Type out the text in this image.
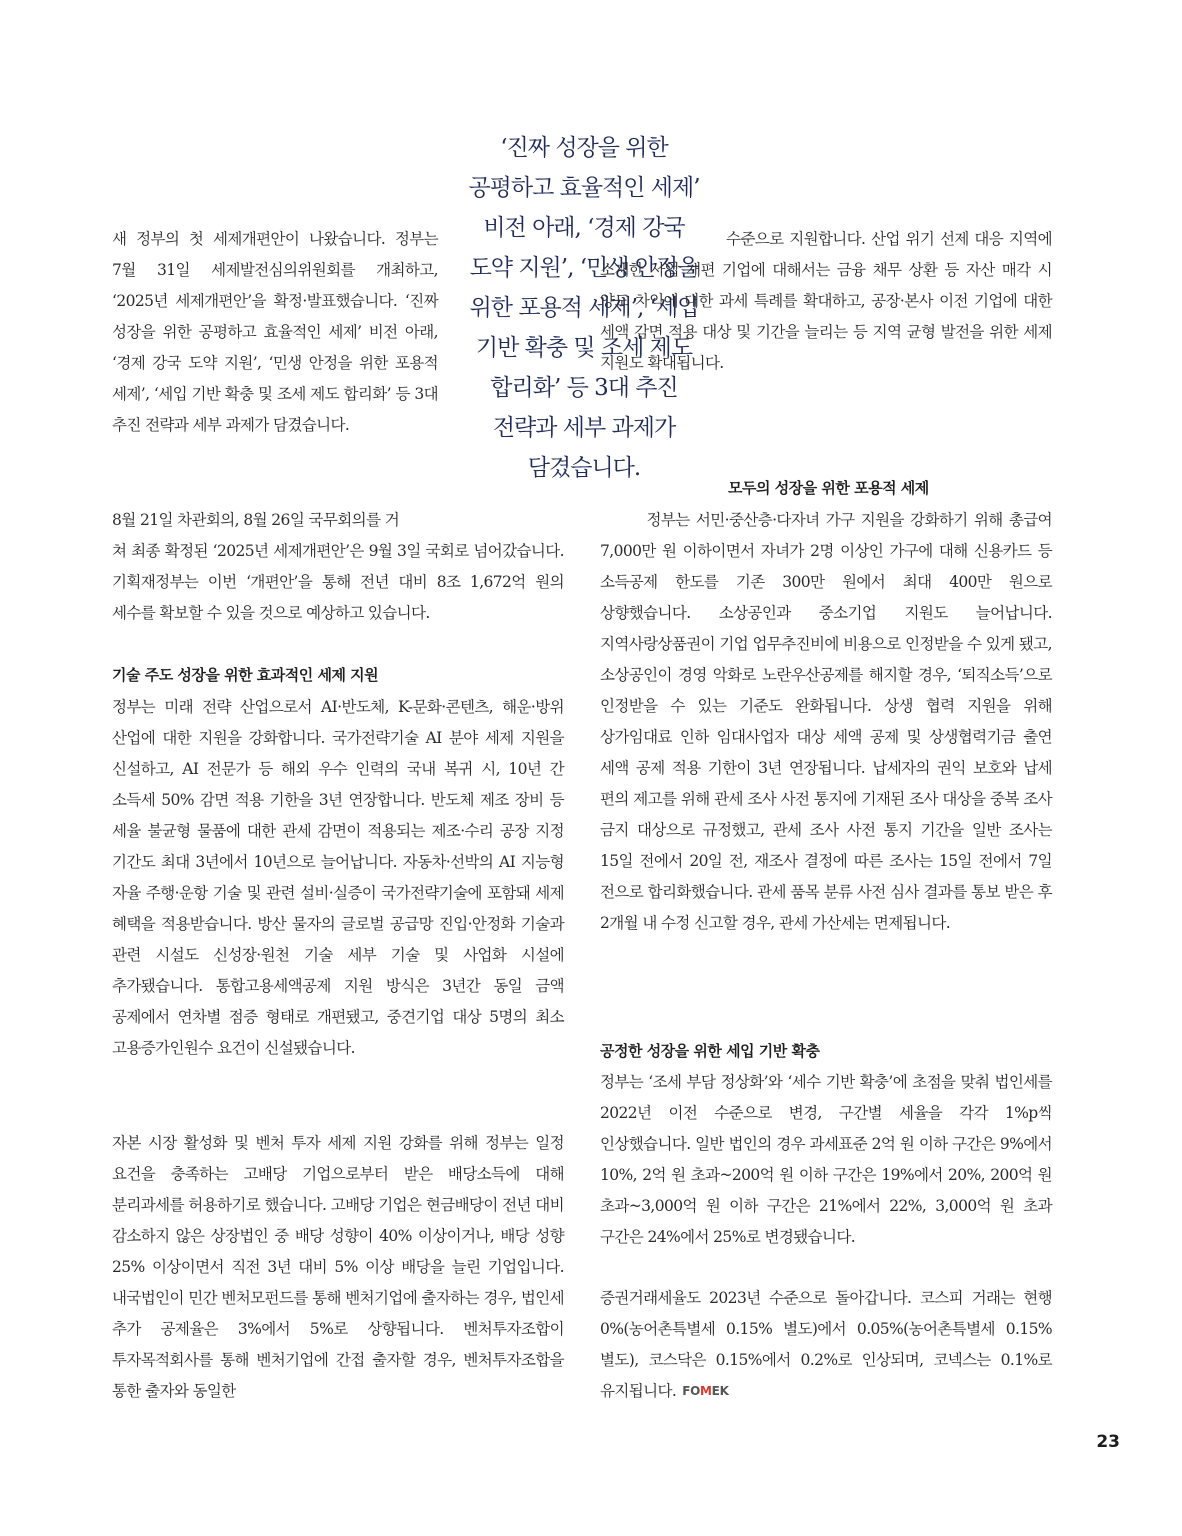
새 정부의 첫 세제개편안이 나왔습니다. 정부는 7월 31일 세제발전심의위원회를 개최하고, ‘2025년 세제개편안’을 확정·발표했습니다. ‘진짜 성장을 위한 공평하고 효율적인 세제’ 비전 아래, ‘경제 강국 도약 지원’, ‘민생 안정을 위한 포용적 세제’, ‘세입 기반 확충 및 조세 제도 합리화’ 등 3대 추진 전략과 세부 과제가 담겼습니다.

8월 21일 차관회의, 8월 26일 국무회의를 거

쳐 최종 확정된 ‘2025년 세제개편안’은 9월 3일 국회로 넘어갔습니다. 기획재정부는 이번 ‘개편안’을 통해 전년 대비 8조 1,672억 원의 세수를 확보할 수 있을 것으로 예상하고 있습니다.

기술 주도 성장을 위한 효과적인 세제 지원

정부는 미래 전략 산업으로서 AI·반도체, K-문화·콘텐츠, 해운·방위 산업에 대한 지원을 강화합니다. 국가전략기술 AI 분야 세제 지원을 신설하고, AI 전문가 등 해외 우수 인력의 국내 복귀 시, 10년 간 소득세 50% 감면 적용 기한을 3년 연장합니다. 반도체 제조 장비 등 세율 불균형 물품에 대한 관세 감면이 적용되는 제조·수리 공장 지정 기간도 최대 3년에서 10년으로 늘어납니다. 자동차·선박의 AI 지능형 자율 주행·운항 기술 및 관련 설비·실증이 국가전략기술에 포함돼 세제 혜택을 적용받습니다. 방산 물자의 글로벌 공급망 진입·안정화 기술과 관련 시설도 신성장·원천 기술 세부 기술 및 사업화 시설에 추가됐습니다. 통합고용세액공제 지원 방식은 3년간 동일 금액 공제에서 연차별 점증 형태로 개편됐고, 중견기업 대상 5명의 최소 고용증가인원수 요건이 신설됐습니다.

자본 시장 활성화 및 벤처 투자 세제 지원 강화를 위해 정부는 일정 요건을 충족하는 고배당 기업으로부터 받은 배당소득에 대해 분리과세를 허용하기로 했습니다. 고배당 기업은 현금배당이 전년 대비 감소하지 않은 상장법인 중 배당 성향이 40% 이상이거나, 배당 성향 25% 이상이면서 직전 3년 대비 5% 이상 배당을 늘린 기업입니다. 내국법인이 민간 벤처모펀드를 통해 벤처기업에 출자하는 경우, 법인세 추가 공제율은 3%에서 5%로 상향됩니다. 벤처투자조합이 투자목적회사를 통해 벤처기업에 간접 출자할 경우, 벤처투자조합을 통한 출자와 동일한

‘진짜 성장을 위한
공평하고 효율적인 세제’
비전 아래, ‘경제 강국
도약 지원’, ‘민생 안정을
위한 포용적 세제’, ‘세입
기반 확충 및 조세 제도
합리화’ 등 3대 추진
전략과 세부 과제가
담겼습니다.

수준으로 지원합니다. 산업 위기 선제 대응 지역에 소재한 사업 재편 기업에 대해서는 금융 채무 상환 등 자산 매각 시 양도 차익에 대한 과세 특례를 확대하고, 공장·본사 이전 기업에 대한 세액 감면 적용 대상 및 기간을 늘리는 등 지역 균형 발전을 위한 세제 지원도 확대됩니다.

모두의 성장을 위한 포용적 세제

정부는 서민·중산층·다자녀 가구 지원을 강화하기 위해 총급여 7,000만 원 이하이면서 자녀가 2명 이상인 가구에 대해 신용카드 등 소득공제 한도를 기존 300만 원에서 최대 400만 원으로 상향했습니다. 소상공인과 중소기업 지원도 늘어납니다. 지역사랑상품권이 기업 업무추진비에 비용으로 인정받을 수 있게 됐고, 소상공인이 경영 악화로 노란우산공제를 해지할 경우, ‘퇴직소득’으로 인정받을 수 있는 기준도 완화됩니다. 상생 협력 지원을 위해 상가임대료 인하 임대사업자 대상 세액 공제 및 상생협력기금 출연 세액 공제 적용 기한이 3년 연장됩니다. 납세자의 권익 보호와 납세 편의 제고를 위해 관세 조사 사전 통지에 기재된 조사 대상을 중복 조사 금지 대상으로 규정했고, 관세 조사 사전 통지 기간을 일반 조사는 15일 전에서 20일 전, 재조사 결정에 따른 조사는 15일 전에서 7일 전으로 합리화했습니다. 관세 품목 분류 사전 심사 결과를 통보 받은 후 2개월 내 수정 신고할 경우, 관세 가산세는 면제됩니다.

공정한 성장을 위한 세입 기반 확충

정부는 ‘조세 부담 정상화’와 ‘세수 기반 확충’에 초점을 맞춰 법인세를 2022년 이전 수준으로 변경, 구간별 세율을 각각 1%p씩 인상했습니다. 일반 법인의 경우 과세표준 2억 원 이하 구간은 9%에서 10%, 2억 원 초과~200억 원 이하 구간은 19%에서 20%, 200억 원 초과~3,000억 원 이하 구간은 21%에서 22%, 3,000억 원 초과 구간은 24%에서 25%로 변경됐습니다.

증권거래세율도 2023년 수준으로 돌아갑니다. 코스피 거래는 현행 0%(농어촌특별세 0.15% 별도)에서 0.05%(농어촌특별세 0.15% 별도), 코스닥은 0.15%에서 0.2%로 인상되며, 코넥스는 0.1%로 유지됩니다. FOMEK

23
